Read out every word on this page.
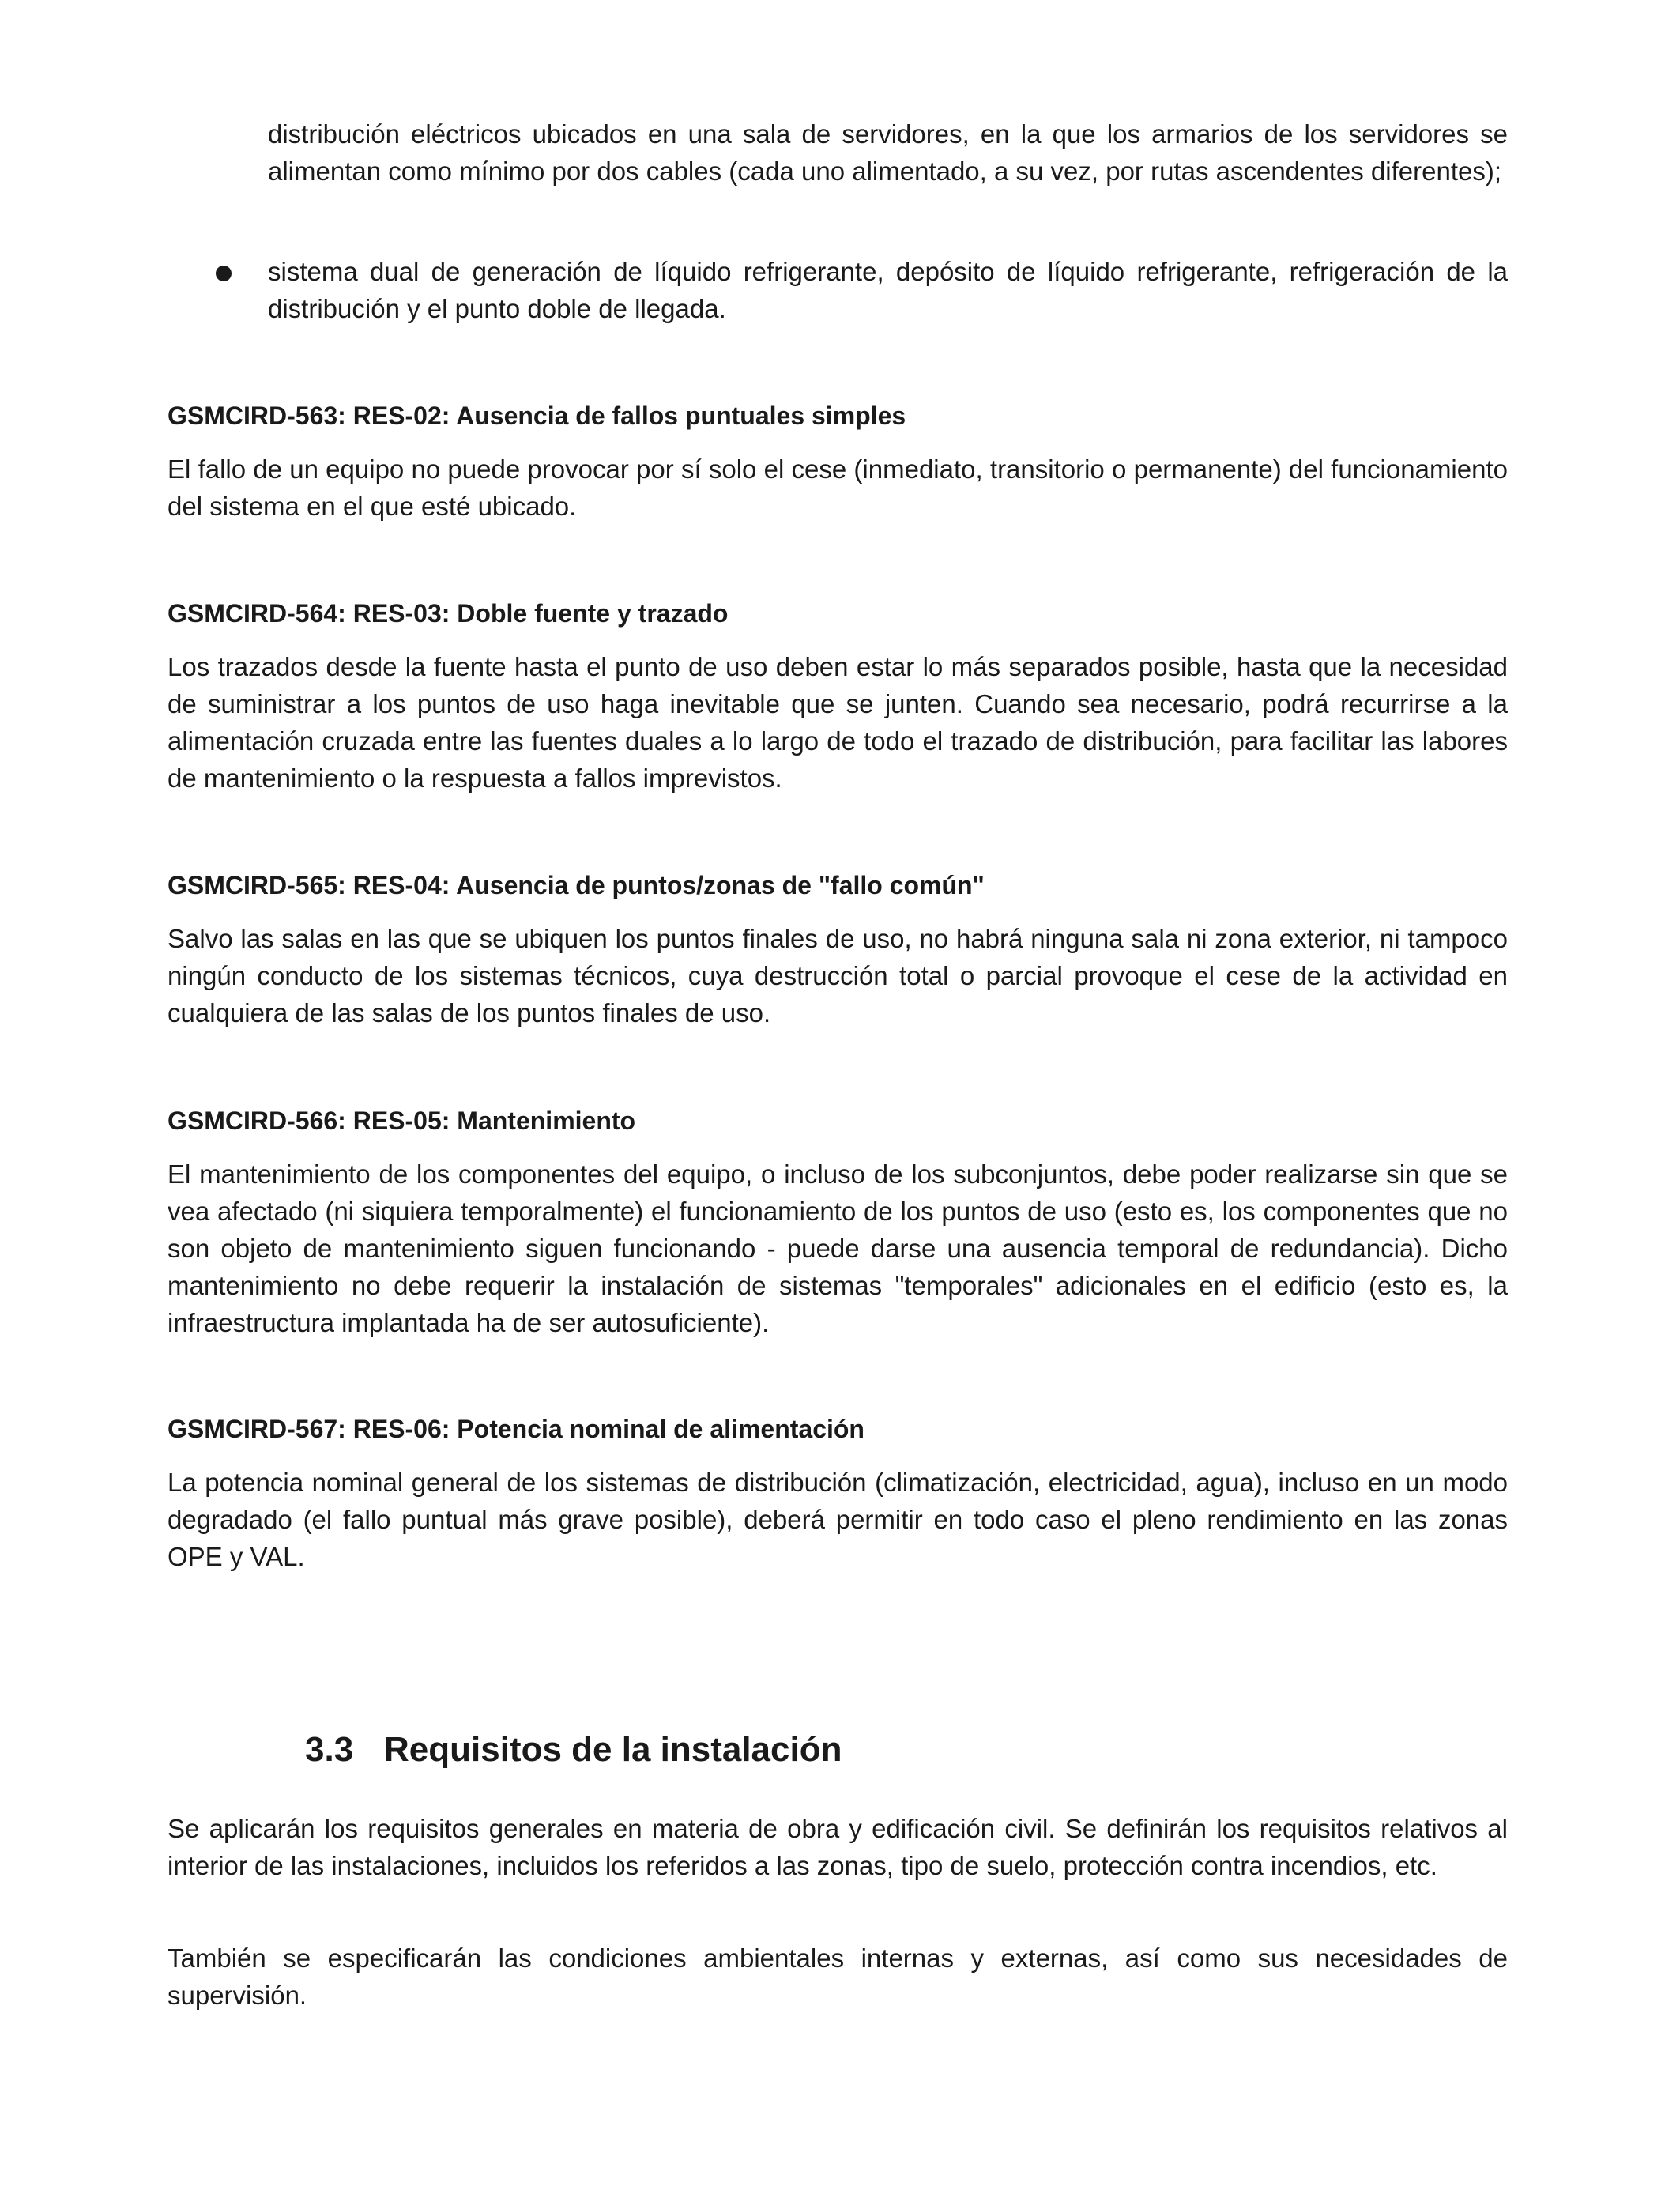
distribución eléctricos ubicados en una sala de servidores, en la que los armarios de los servidores se alimentan como mínimo por dos cables (cada uno alimentado, a su vez, por rutas ascendentes diferentes);

sistema dual de generación de líquido refrigerante, depósito de líquido refrigerante, refrigeración de la distribución y el punto doble de llegada.

GSMCIRD-563: RES-02: Ausencia de fallos puntuales simples

El fallo de un equipo no puede provocar por sí solo el cese (inmediato, transitorio o permanente) del funcionamiento del sistema en el que esté ubicado.

GSMCIRD-564: RES-03: Doble fuente y trazado

Los trazados desde la fuente hasta el punto de uso deben estar lo más separados posible, hasta que la necesidad de suministrar a los puntos de uso haga inevitable que se junten. Cuando sea necesario, podrá recurrirse a la alimentación cruzada entre las fuentes duales a lo largo de todo el trazado de distribución, para facilitar las labores de mantenimiento o la respuesta a fallos imprevistos.

GSMCIRD-565: RES-04: Ausencia de puntos/zonas de "fallo común"

Salvo las salas en las que se ubiquen los puntos finales de uso, no habrá ninguna sala ni zona exterior, ni tampoco ningún conducto de los sistemas técnicos, cuya destrucción total o parcial provoque el cese de la actividad en cualquiera de las salas de los puntos finales de uso.

GSMCIRD-566: RES-05: Mantenimiento

El mantenimiento de los componentes del equipo, o incluso de los subconjuntos, debe poder realizarse sin que se vea afectado (ni siquiera temporalmente) el funcionamiento de los puntos de uso (esto es, los componentes que no son objeto de mantenimiento siguen funcionando - puede darse una ausencia temporal de redundancia). Dicho mantenimiento no debe requerir la instalación de sistemas "temporales" adicionales en el edificio (esto es, la infraestructura implantada ha de ser autosuficiente).

GSMCIRD-567: RES-06: Potencia nominal de alimentación

La potencia nominal general de los sistemas de distribución (climatización, electricidad, agua), incluso en un modo degradado (el fallo puntual más grave posible), deberá permitir en todo caso el pleno rendimiento en las zonas OPE y VAL.

3.3 Requisitos de la instalación

Se aplicarán los requisitos generales en materia de obra y edificación civil. Se definirán los requisitos relativos al interior de las instalaciones, incluidos los referidos a las zonas, tipo de suelo, protección contra incendios, etc.

También se especificarán las condiciones ambientales internas y externas, así como sus necesidades de supervisión.
